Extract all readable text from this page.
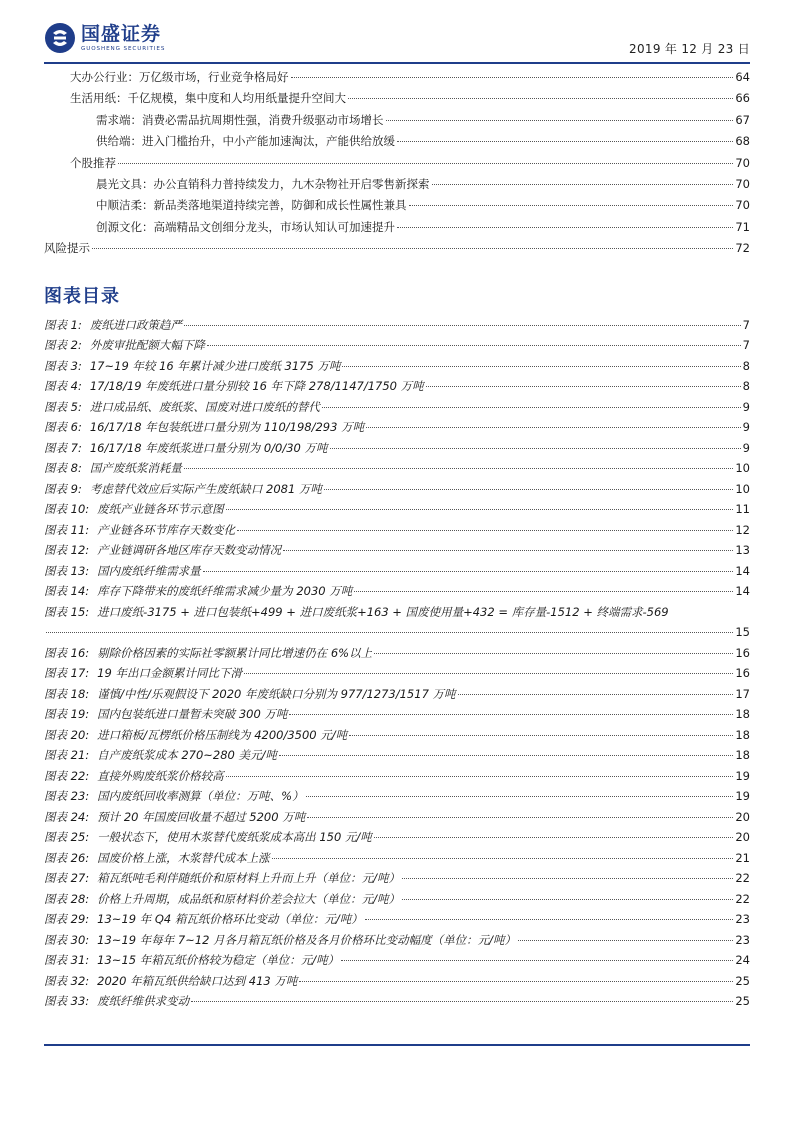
国盛证券
GUOSHENG SECURITIES	2019 年 12 月 23 日
大办公行业：万亿级市场，行业竞争格局好	64
生活用纸：千亿规模，集中度和人均用纸量提升空间大	66
需求端：消费必需品抗周期性强，消费升级驱动市场增长	67
供给端：进入门槛抬升，中小产能加速淘汰，产能供给放缓	68
个股推荐	70
晨光文具：办公直销科力普持续发力，九木杂物社开启零售新探索	70
中顺洁柔：新品类落地渠道持续完善，防御和成长性属性兼具	70
创源文化：高端精品文创细分龙头，市场认知认可加速提升	71
风险提示	72
图表目录
图表 1: 废纸进口政策趋严	7
图表 2: 外废审批配额大幅下降	7
图表 3: 17~19 年较 16 年累计减少进口废纸 3175 万吨	8
图表 4: 17/18/19 年废纸进口量分别较 16 年下降 278/1147/1750 万吨	8
图表 5: 进口成品纸、废纸浆、国废对进口废纸的替代	9
图表 6: 16/17/18 年包装纸进口量分别为 110/198/293 万吨	9
图表 7: 16/17/18 年废纸浆进口量分别为 0/0/30 万吨	9
图表 8: 国产废纸浆消耗量	10
图表 9: 考虑替代效应后实际产生废纸缺口 2081 万吨	10
图表 10: 废纸产业链各环节示意图	11
图表 11: 产业链各环节库存天数变化	12
图表 12: 产业链调研各地区库存天数变动情况	13
图表 13: 国内废纸纤维需求量	14
图表 14: 库存下降带来的废纸纤维需求减少量为 2030 万吨	14
图表 15: 进口废纸-3175 + 进口包装纸+499 + 进口废纸浆+163 + 国废使用量+432 = 库存量-1512 + 终端需求-569
15
图表 16: 剔除价格因素的实际社零额累计同比增速仍在 6%以上	16
图表 17: 19 年出口金额累计同比下滑	16
图表 18: 谨慎/中性/乐观假设下 2020 年废纸缺口分别为 977/1273/1517 万吨	17
图表 19: 国内包装纸进口量暂未突破 300 万吨	18
图表 20: 进口箱板/瓦楞纸价格压制线为 4200/3500 元/吨	18
图表 21: 自产废纸浆成本 270~280 美元/吨	18
图表 22: 直接外购废纸浆价格较高	19
图表 23: 国内废纸回收率测算（单位：万吨、%）	19
图表 24: 预计 20 年国废回收量不超过 5200 万吨	20
图表 25: 一般状态下，使用木浆替代废纸浆成本高出 150 元/吨	20
图表 26: 国废价格上涨，木浆替代成本上涨	21
图表 27: 箱瓦纸吨毛利伴随纸价和原材料上升而上升（单位：元/吨）	22
图表 28: 价格上升周期，成品纸和原材料价差会拉大（单位：元/吨）	22
图表 29: 13~19 年 Q4 箱瓦纸价格环比变动（单位：元/吨）	23
图表 30: 13~19 年每年 7~12 月各月箱瓦纸价格及各月价格环比变动幅度（单位：元/吨）	23
图表 31: 13~15 年箱瓦纸价格较为稳定（单位：元/吨）	24
图表 32: 2020 年箱瓦纸供给缺口达到 413 万吨	25
图表 33: 废纸纤维供求变动	25
